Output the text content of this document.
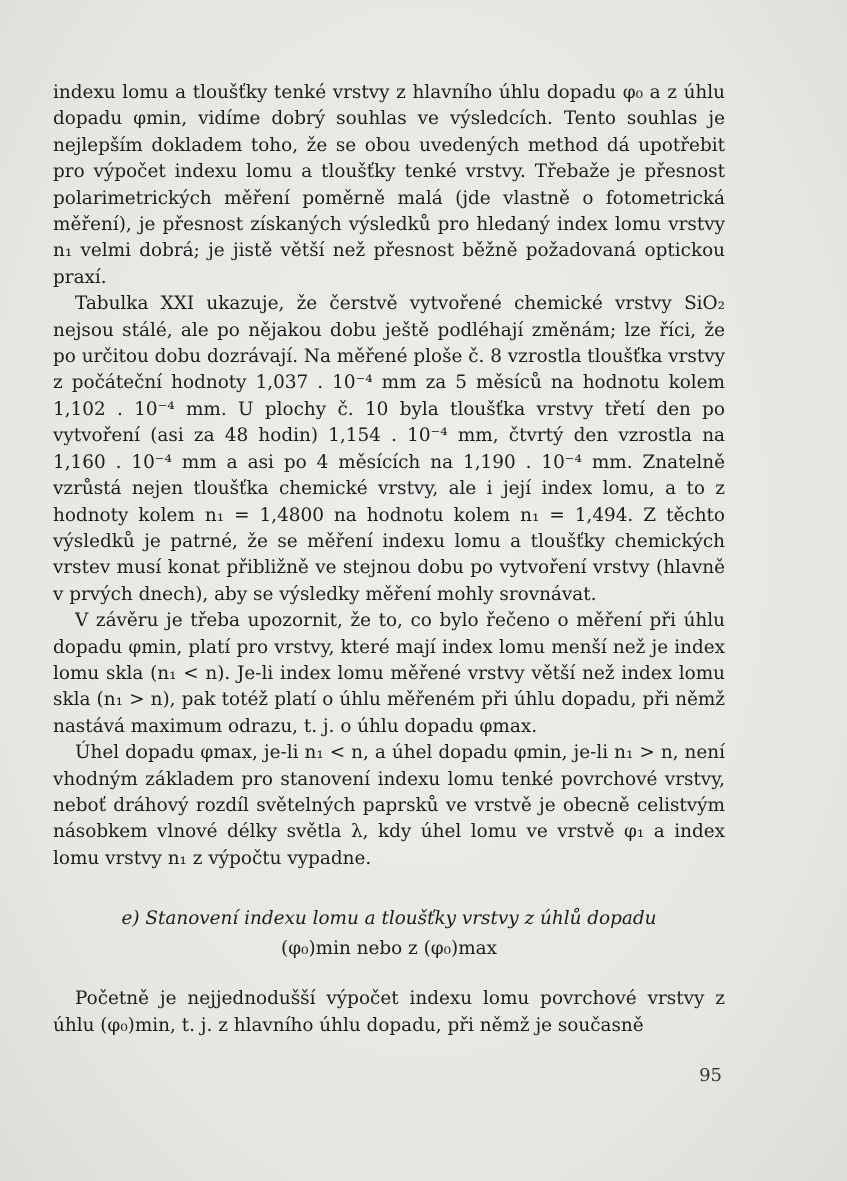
indexu lomu a tloušťky tenké vrstvy z hlavního úhlu dopadu φ₀ a z úhlu dopadu φmin, vidíme dobrý souhlas ve výsledcích. Tento souhlas je nejlepším dokladem toho, že se obou uvedených method dá upotřebit pro výpočet indexu lomu a tloušťky tenké vrstvy. Třebaže je přesnost polarimetrických měření poměrně malá (jde vlastně o fotometrická měření), je přesnost získaných výsledků pro hledaný index lomu vrstvy n₁ velmi dobrá; je jistě větší než přesnost běžně požadovaná optickou praxí.

Tabulka XXI ukazuje, že čerstvě vytvořené chemické vrstvy SiO₂ nejsou stálé, ale po nějakou dobu ještě podléhají změnám; lze říci, že po určitou dobu dozrávají. Na měřené ploše č. 8 vzrostla tloušťka vrstvy z počáteční hodnoty 1,037 . 10⁻⁴ mm za 5 měsíců na hodnotu kolem 1,102 . 10⁻⁴ mm. U plochy č. 10 byla tloušťka vrstvy třetí den po vytvoření (asi za 48 hodin) 1,154 . 10⁻⁴ mm, čtvrtý den vzrostla na 1,160 . 10⁻⁴ mm a asi po 4 měsících na 1,190 . 10⁻⁴ mm. Znatelně vzrůstá nejen tloušťka chemické vrstvy, ale i její index lomu, a to z hodnoty kolem n₁ = 1,4800 na hodnotu kolem n₁ = 1,494. Z těchto výsledků je patrné, že se měření indexu lomu a tloušťky chemických vrstev musí konat přibližně ve stejnou dobu po vytvoření vrstvy (hlavně v prvých dnech), aby se výsledky měření mohly srovnávat.

V závěru je třeba upozornit, že to, co bylo řečeno o měření při úhlu dopadu φmin, platí pro vrstvy, které mají index lomu menší než je index lomu skla (n₁ < n). Je-li index lomu měřené vrstvy větší než index lomu skla (n₁ > n), pak totéž platí o úhlu měřeném při úhlu dopadu, při němž nastává maximum odrazu, t. j. o úhlu dopadu φmax.

Úhel dopadu φmax, je-li n₁ < n, a úhel dopadu φmin, je-li n₁ > n, není vhodným základem pro stanovení indexu lomu tenké povrchové vrstvy, neboť dráhový rozdíl světelných paprsků ve vrstvě je obecně celistvým násobkem vlnové délky světla λ, kdy úhel lomu ve vrstvě φ₁ a index lomu vrstvy n₁ z výpočtu vypadne.

e) Stanovení indexu lomu a tloušťky vrstvy z úhlů dopadu
(φ₀)min nebo z (φ₀)max

Početně je nejjednodušší výpočet indexu lomu povrchové vrstvy z úhlu (φ₀)min, t. j. z hlavního úhlu dopadu, při němž je současně

95
